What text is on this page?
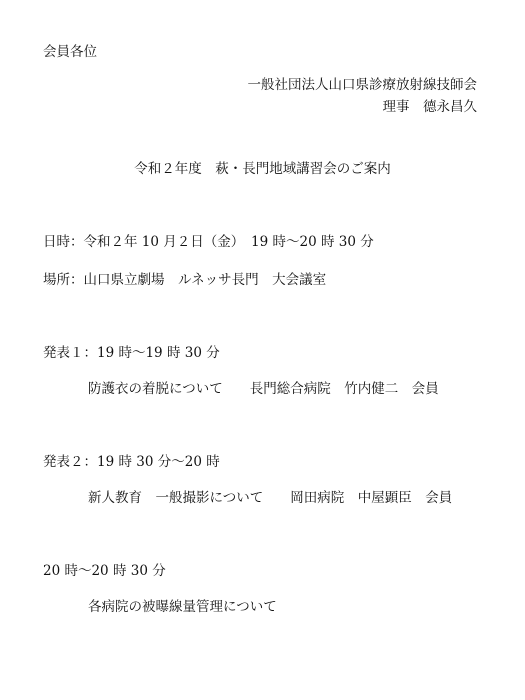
会員各位
一般社団法人山口県診療放射線技師会
理事　德永昌久
令和２年度　萩・長門地域講習会のご案内
日時：令和２年 10 月２日（金）　19 時～20 時 30 分
場所：山口県立劇場　ルネッサ長門　大会議室
発表１：19 時～19 時 30 分
防護衣の着脱について　　長門総合病院　竹内健二　会員
発表２：19 時 30 分～20 時
新人教育　一般撮影について　　岡田病院　中屋顕臣　会員
20 時～20 時 30 分
各病院の被曝線量管理について
